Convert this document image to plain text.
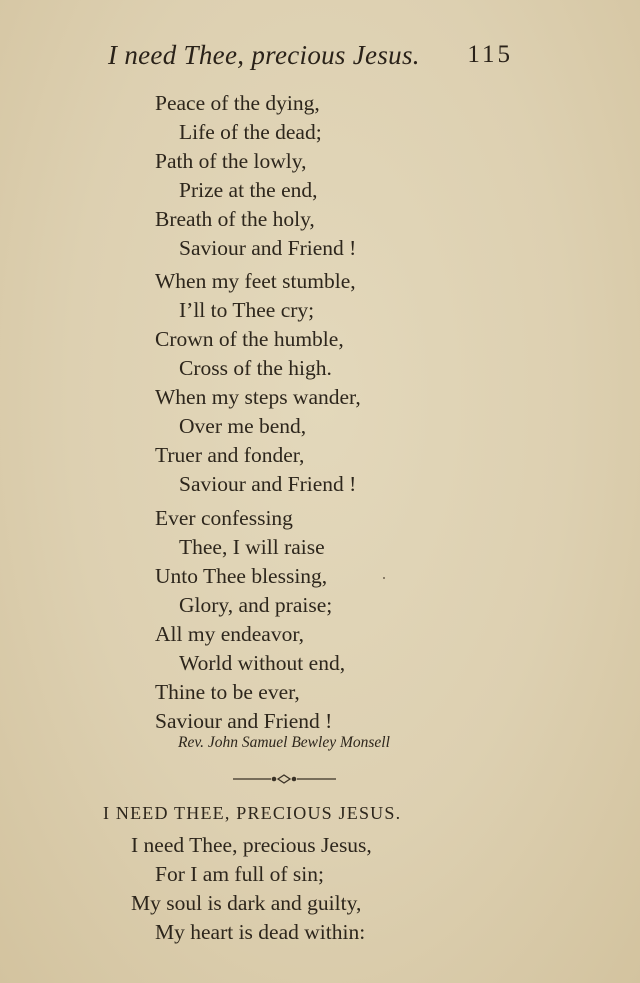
I need Thee, precious Jesus. 115
Peace of the dying,
Life of the dead;
Path of the lowly,
Prize at the end,
Breath of the holy,
Saviour and Friend !
When my feet stumble,
I’ll to Thee cry;
Crown of the humble,
Cross of the high.
When my steps wander,
Over me bend,
Truer and fonder,
Saviour and Friend !
Ever confessing
Thee, I will raise
Unto Thee blessing,
Glory, and praise;
All my endeavor,
World without end,
Thine to be ever,
Saviour and Friend !
Rev. John Samuel Bewley Monsell
I NEED THEE, PRECIOUS JESUS.
I need Thee, precious Jesus,
For I am full of sin;
My soul is dark and guilty,
My heart is dead within:
